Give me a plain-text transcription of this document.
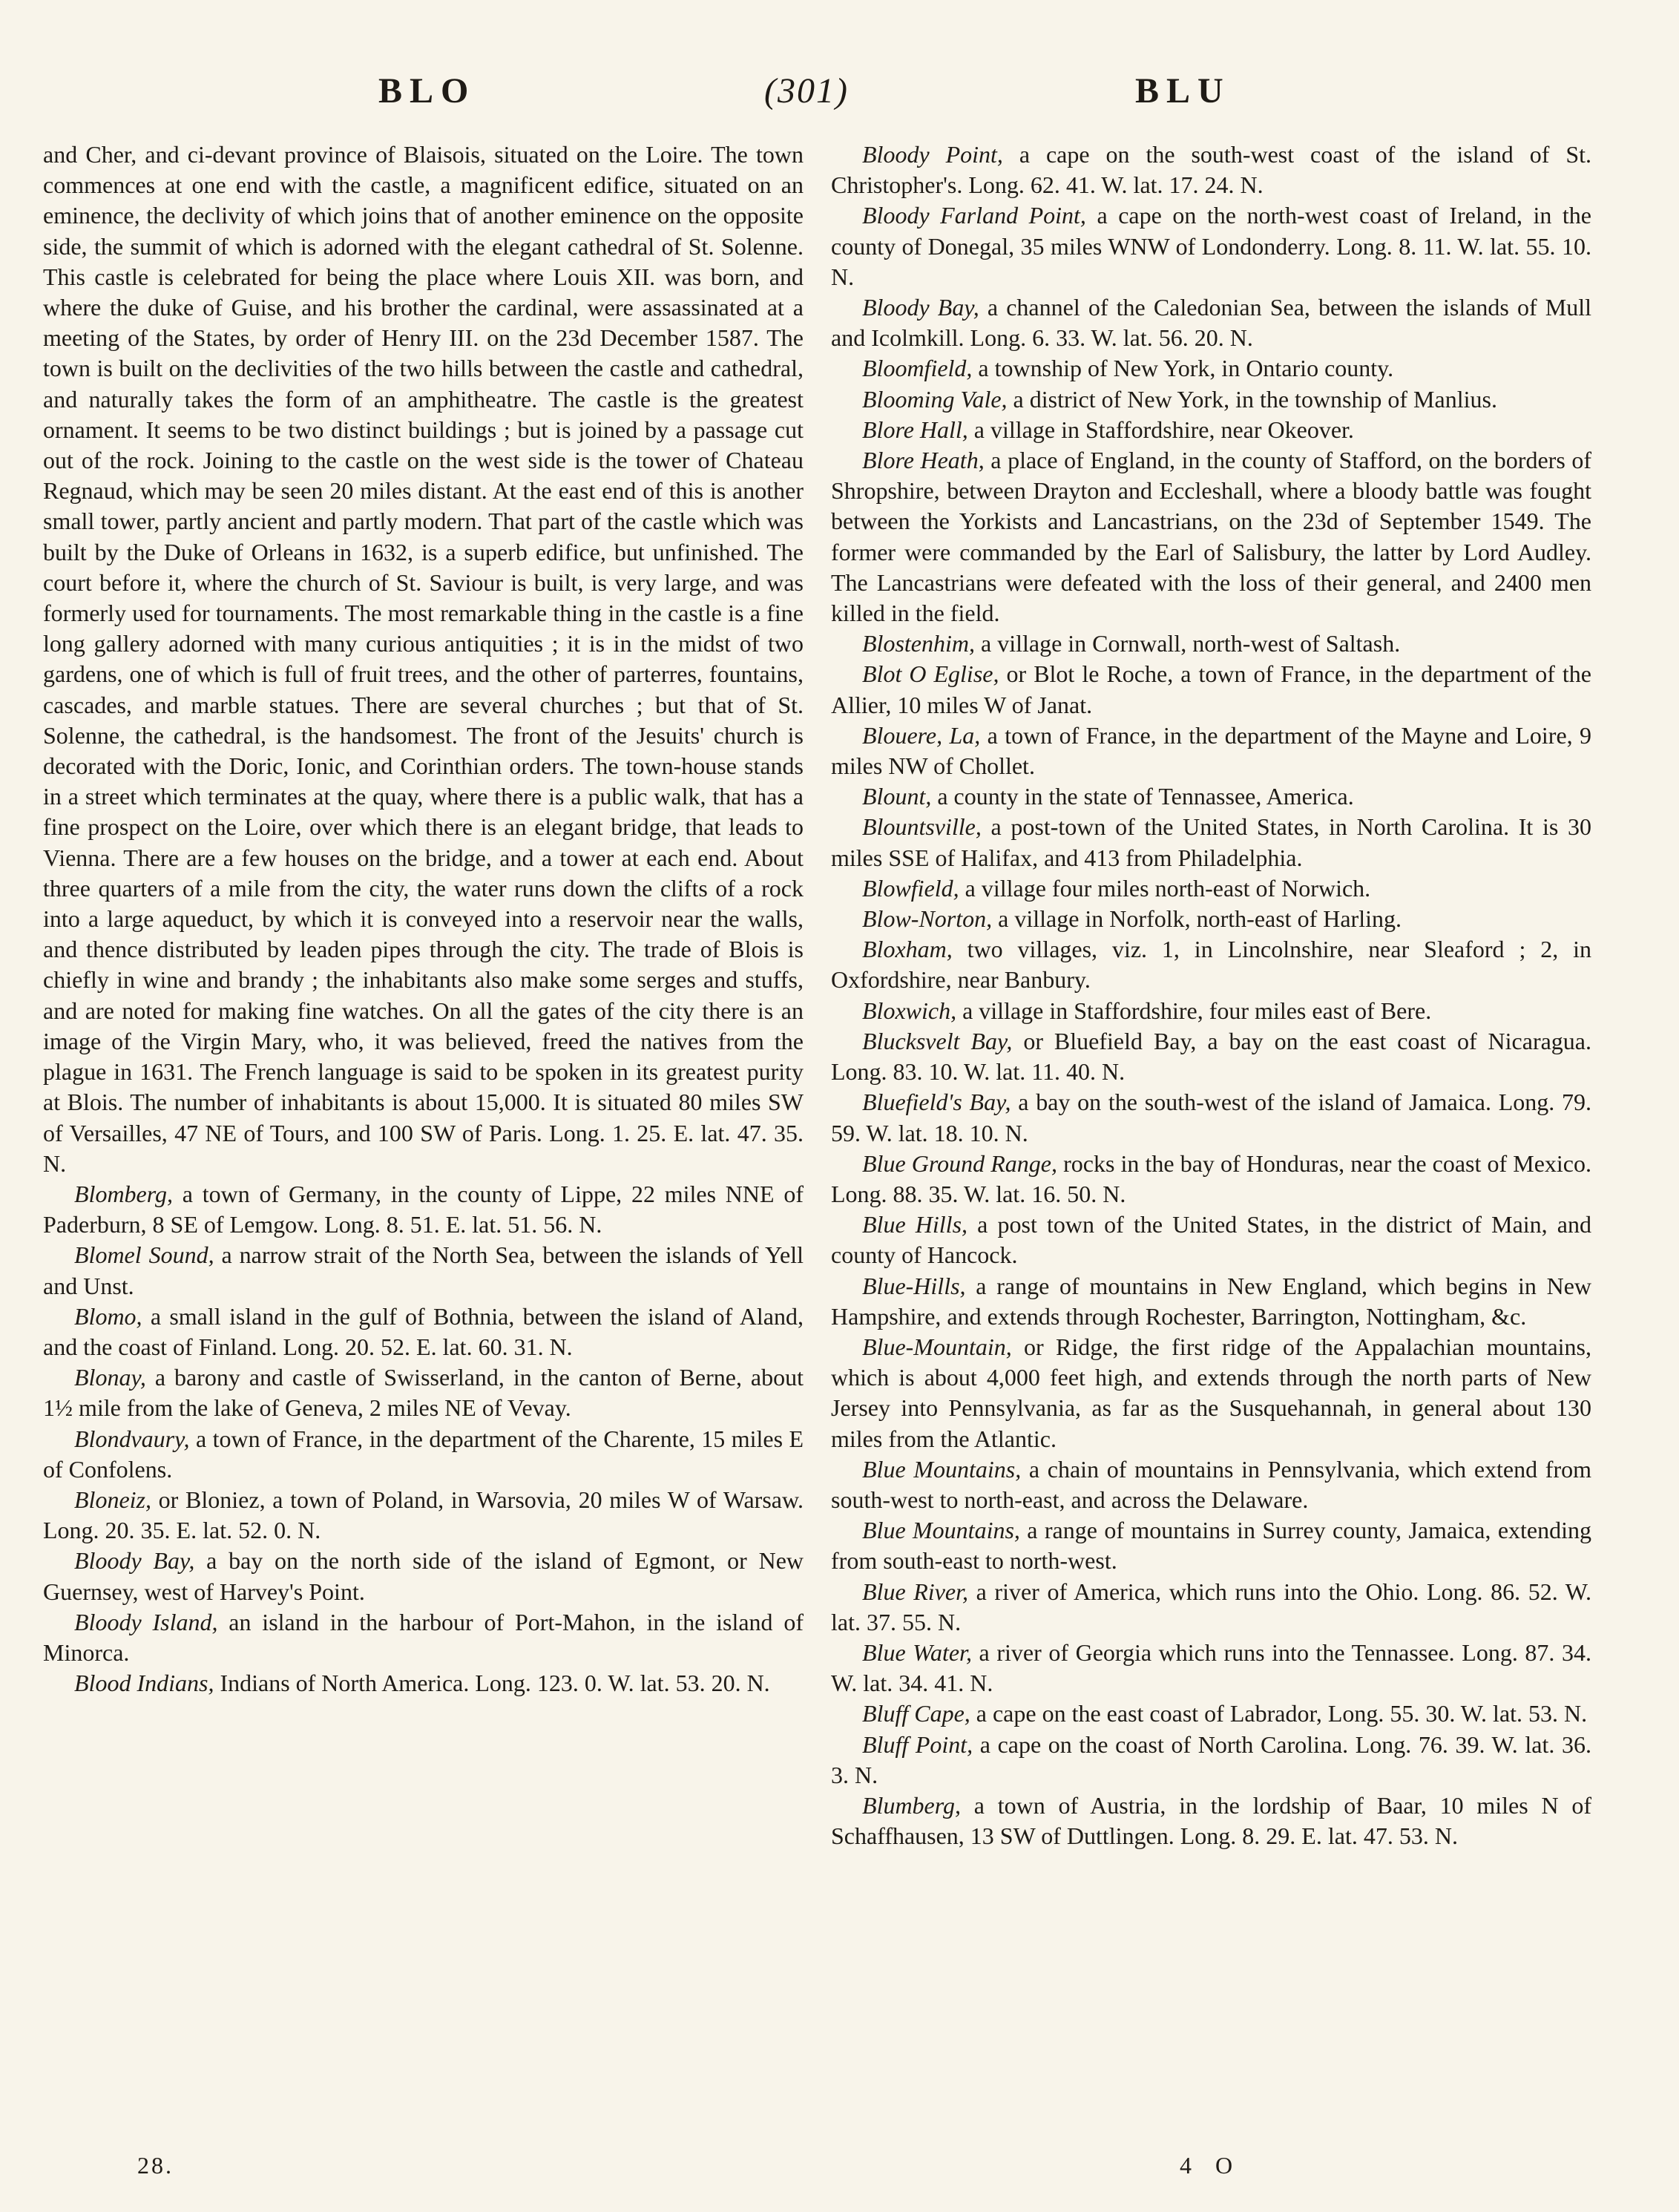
BLO	(301)	BLU

and Cher, and ci-devant province of Blaisois, situated on the Loire. The town commences at one end with the castle, a magnificent edifice, situated on an eminence, the declivity of which joins that of another eminence on the opposite side, the summit of which is adorned with the elegant cathedral of St. Solenne. This castle is celebrated for being the place where Louis XII. was born, and where the duke of Guise, and his brother the cardinal, were assassinated at a meeting of the States, by order of Henry III. on the 23d December 1587. The town is built on the declivities of the two hills between the castle and cathedral, and naturally takes the form of an amphitheatre. The castle is the greatest ornament. It seems to be two distinct buildings ; but is joined by a passage cut out of the rock. Joining to the castle on the west side is the tower of Chateau Regnaud, which may be seen 20 miles distant. At the east end of this is another small tower, partly ancient and partly modern. That part of the castle which was built by the Duke of Orleans in 1632, is a superb edifice, but unfinished. The court before it, where the church of St. Saviour is built, is very large, and was formerly used for tournaments. The most remarkable thing in the castle is a fine long gallery adorned with many curious antiquities ; it is in the midst of two gardens, one of which is full of fruit trees, and the other of parterres, fountains, cascades, and marble statues. There are several churches ; but that of St. Solenne, the cathedral, is the handsomest. The front of the Jesuits' church is decorated with the Doric, Ionic, and Corinthian orders. The town-house stands in a street which terminates at the quay, where there is a public walk, that has a fine prospect on the Loire, over which there is an elegant bridge, that leads to Vienna. There are a few houses on the bridge, and a tower at each end. About three quarters of a mile from the city, the water runs down the clifts of a rock into a large aqueduct, by which it is conveyed into a reservoir near the walls, and thence distributed by leaden pipes through the city. The trade of Blois is chiefly in wine and brandy ; the inhabitants also make some serges and stuffs, and are noted for making fine watches. On all the gates of the city there is an image of the Virgin Mary, who, it was believed, freed the natives from the plague in 1631. The French language is said to be spoken in its greatest purity at Blois. The number of inhabitants is about 15,000. It is situated 80 miles SW of Versailles, 47 NE of Tours, and 100 SW of Paris. Long. 1. 25. E. lat. 47. 35. N.

Blomberg, a town of Germany, in the county of Lippe, 22 miles NNE of Paderburn, 8 SE of Lemgow. Long. 8. 51. E. lat. 51. 56. N.

Blomel Sound, a narrow strait of the North Sea, between the islands of Yell and Unst.

Blomo, a small island in the gulf of Bothnia, between the island of Aland, and the coast of Finland. Long. 20. 52. E. lat. 60. 31. N.

Blonay, a barony and castle of Swisserland, in the canton of Berne, about 1½ mile from the lake of Geneva, 2 miles NE of Vevay.

Blondvaury, a town of France, in the department of the Charente, 15 miles E of Confolens.

Bloneiz, or Bloniez, a town of Poland, in Warsovia, 20 miles W of Warsaw. Long. 20. 35. E. lat. 52. 0. N.

Bloody Bay, a bay on the north side of the island of Egmont, or New Guernsey, west of Harvey's Point.

Bloody Island, an island in the harbour of Port-Mahon, in the island of Minorca.

Blood Indians, Indians of North America. Long. 123. 0. W. lat. 53. 20. N.

Bloody Point, a cape on the south-west coast of the island of St. Christopher's. Long. 62. 41. W. lat. 17. 24. N.

Bloody Farland Point, a cape on the north-west coast of Ireland, in the county of Donegal, 35 miles WNW of Londonderry. Long. 8. 11. W. lat. 55. 10. N.

Bloody Bay, a channel of the Caledonian Sea, between the islands of Mull and Icolmkill. Long. 6. 33. W. lat. 56. 20. N.

Bloomfield, a township of New York, in Ontario county.

Blooming Vale, a district of New York, in the township of Manlius.

Blore Hall, a village in Staffordshire, near Okeover.

Blore Heath, a place of England, in the county of Stafford, on the borders of Shropshire, between Drayton and Eccleshall, where a bloody battle was fought between the Yorkists and Lancastrians, on the 23d of September 1549. The former were commanded by the Earl of Salisbury, the latter by Lord Audley. The Lancastrians were defeated with the loss of their general, and 2400 men killed in the field.

Blostenhim, a village in Cornwall, north-west of Saltash.

Blot O Eglise, or Blot le Roche, a town of France, in the department of the Allier, 10 miles W of Janat.

Blouere, La, a town of France, in the department of the Mayne and Loire, 9 miles NW of Chollet.

Blount, a county in the state of Tennassee, America.

Blountsville, a post-town of the United States, in North Carolina. It is 30 miles SSE of Halifax, and 413 from Philadelphia.

Blowfield, a village four miles north-east of Norwich.

Blow-Norton, a village in Norfolk, north-east of Harling.

Bloxham, two villages, viz. 1, in Lincolnshire, near Sleaford ; 2, in Oxfordshire, near Banbury.

Bloxwich, a village in Staffordshire, four miles east of Bere.

Blucksvelt Bay, or Bluefield Bay, a bay on the east coast of Nicaragua. Long. 83. 10. W. lat. 11. 40. N.

Bluefield's Bay, a bay on the south-west of the island of Jamaica. Long. 79. 59. W. lat. 18. 10. N.

Blue Ground Range, rocks in the bay of Honduras, near the coast of Mexico. Long. 88. 35. W. lat. 16. 50. N.

Blue Hills, a post town of the United States, in the district of Main, and county of Hancock.

Blue-Hills, a range of mountains in New England, which begins in New Hampshire, and extends through Rochester, Barrington, Nottingham, &c.

Blue-Mountain, or Ridge, the first ridge of the Appalachian mountains, which is about 4,000 feet high, and extends through the north parts of New Jersey into Pennsylvania, as far as the Susquehannah, in general about 130 miles from the Atlantic.

Blue Mountains, a chain of mountains in Pennsylvania, which extend from south-west to north-east, and across the Delaware.

Blue Mountains, a range of mountains in Surrey county, Jamaica, extending from south-east to north-west.

Blue River, a river of America, which runs into the Ohio. Long. 86. 52. W. lat. 37. 55. N.

Blue Water, a river of Georgia which runs into the Tennassee. Long. 87. 34. W. lat. 34. 41. N.

Bluff Cape, a cape on the east coast of Labrador, Long. 55. 30. W. lat. 53. N.

Bluff Point, a cape on the coast of North Carolina. Long. 76. 39. W. lat. 36. 3. N.

Blumberg, a town of Austria, in the lordship of Baar, 10 miles N of Schaffhausen, 13 SW of Duttlingen. Long. 8. 29. E. lat. 47. 53. N.

28.	4 O
